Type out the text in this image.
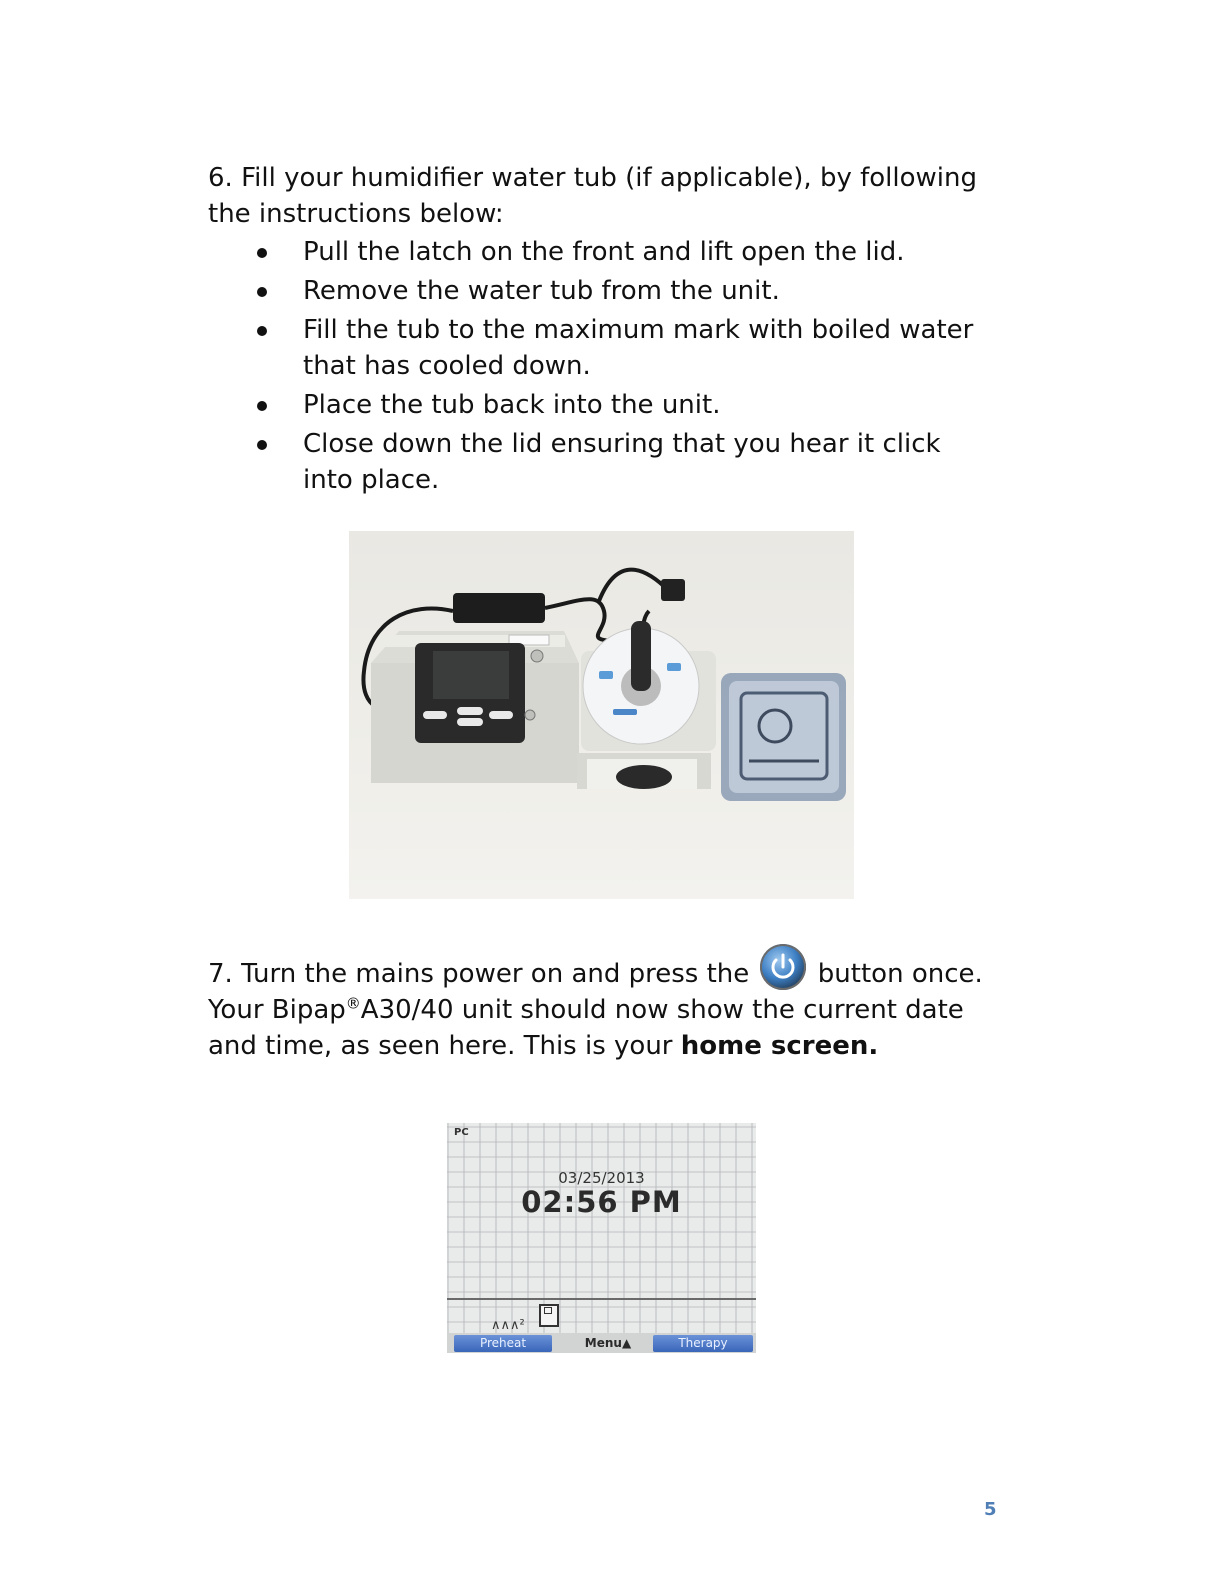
6. Fill your humidifier water tub (if applicable), by following the instructions below:

Pull the latch on the front and lift open the lid.
Remove the water tub from the unit.
Fill the tub to the maximum mark with boiled water that has cooled down.
Place the tub back into the unit.
Close down the lid ensuring that you hear it click into place.

7. Turn the mains power on and press the
button once. Your Bipap®A30/40 unit should now show the current date and time, as seen here. This is your home screen.

PC
03/25/2013
02:56 PM
∧∧∧²
Preheat	Menu▲	Therapy
5
